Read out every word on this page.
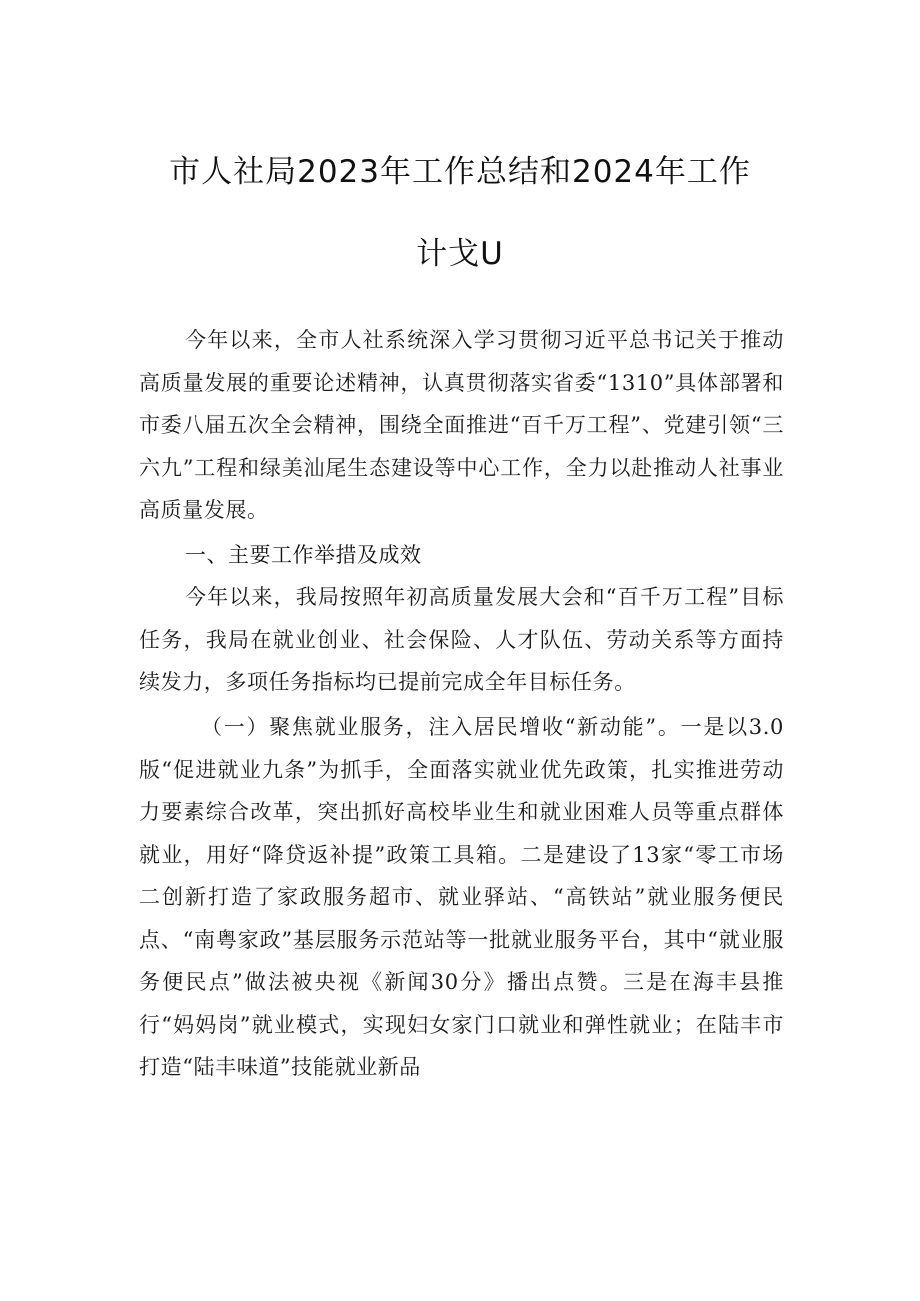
市人社局2023年工作总结和2024年工作
计戈U

今年以来，全市人社系统深入学习贯彻习近平总书记关于推动高质量发展的重要论述精神，认真贯彻落实省委“1310”具体部署和市委八届五次全会精神，围绕全面推进“百千万工程”、党建引领“三六九”工程和绿美汕尾生态建设等中心工作，全力以赴推动人社事业高质量发展。

一、主要工作举措及成效

今年以来，我局按照年初高质量发展大会和“百千万工程”目标任务，我局在就业创业、社会保险、人才队伍、劳动关系等方面持续发力，多项任务指标均已提前完成全年目标任务。

（一）聚焦就业服务，注入居民增收“新动能”。一是以3.0版“促进就业九条”为抓手，全面落实就业优先政策，扎实推进劳动力要素综合改革，突出抓好高校毕业生和就业困难人员等重点群体就业，用好“降贷返补提”政策工具箱。二是建设了13家“零工市场二创新打造了家政服务超市、就业驿站、“高铁站”就业服务便民点、“南粤家政”基层服务示范站等一批就业服务平台，其中“就业服务便民点”做法被央视《新闻30分》播出点赞。三是在海丰县推行“妈妈岗”就业模式，实现妇女家门口就业和弹性就业；在陆丰市打造“陆丰味道”技能就业新品
